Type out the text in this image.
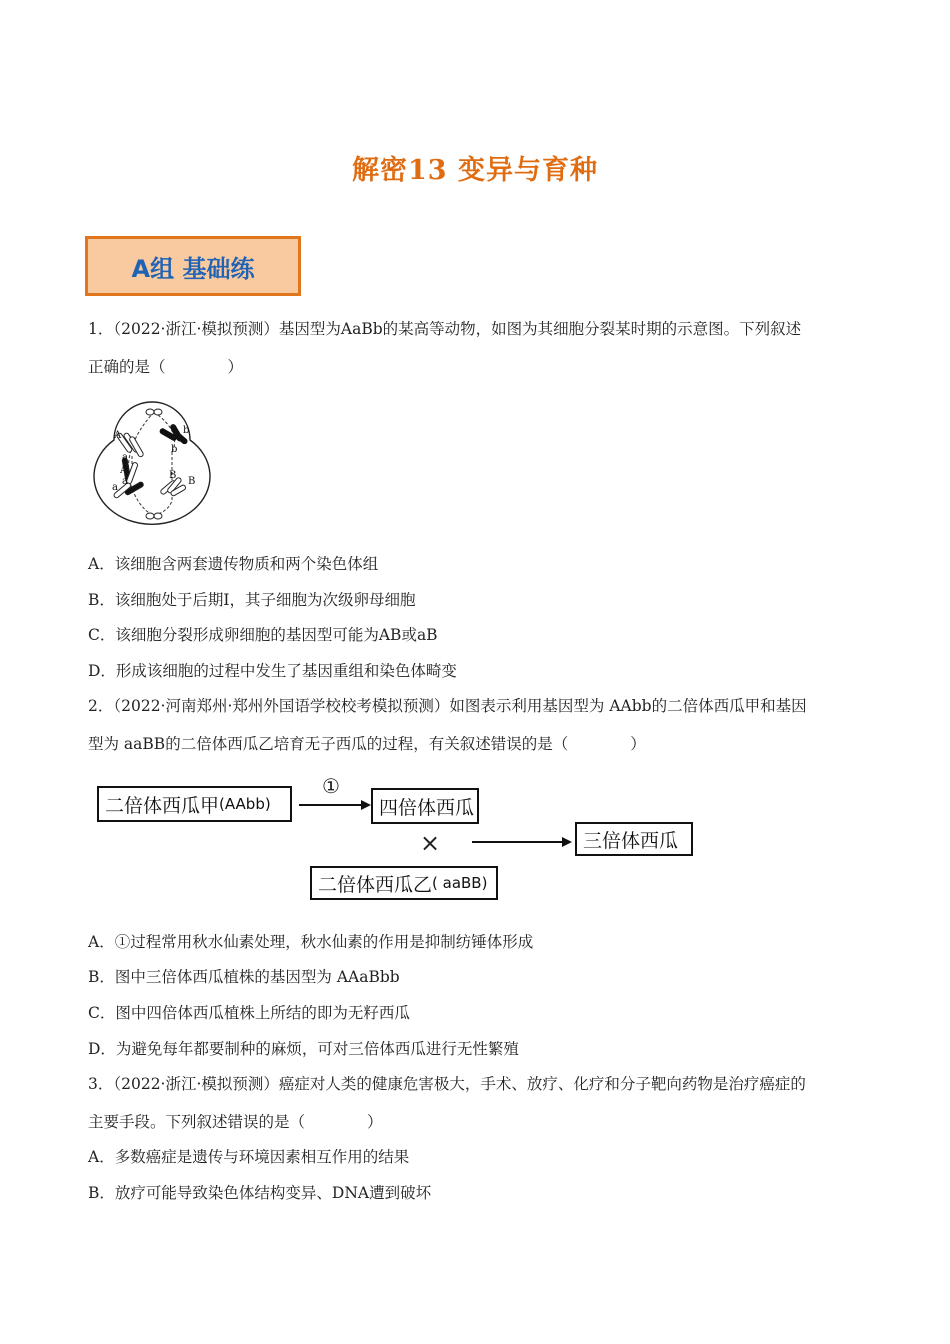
解密13 变异与育种
A组 基础练
1．（2022·浙江·模拟预测）基因型为AaBb的某高等动物，如图为其细胞分裂某时期的示意图。下列叙述
正确的是（　　　　）
A
a
A
a
a
b
b
B
B
A．该细胞含两套遗传物质和两个染色体组
B．该细胞处于后期Ⅰ，其子细胞为次级卵母细胞
C．该细胞分裂形成卵细胞的基因型可能为AB或aB
D．形成该细胞的过程中发生了基因重组和染色体畸变
2．（2022·河南郑州·郑州外国语学校校考模拟预测）如图表示利用基因型为 AAbb的二倍体西瓜甲和基因
型为 aaBB的二倍体西瓜乙培育无子西瓜的过程，有关叙述错误的是（　　　　）
二倍体西瓜甲 (AAbb)
①
四倍体西瓜
×	三倍体西瓜
二倍体西瓜乙 ( aaBB)
A．①过程常用秋水仙素处理，秋水仙素的作用是抑制纺锤体形成
B．图中三倍体西瓜植株的基因型为 AAaBbb
C．图中四倍体西瓜植株上所结的即为无籽西瓜
D．为避免每年都要制种的麻烦，可对三倍体西瓜进行无性繁殖
3．（2022·浙江·模拟预测）癌症对人类的健康危害极大，手术、放疗、化疗和分子靶向药物是治疗癌症的
主要手段。下列叙述错误的是（　　　　）
A．多数癌症是遗传与环境因素相互作用的结果
B．放疗可能导致染色体结构变异、DNA遭到破坏
